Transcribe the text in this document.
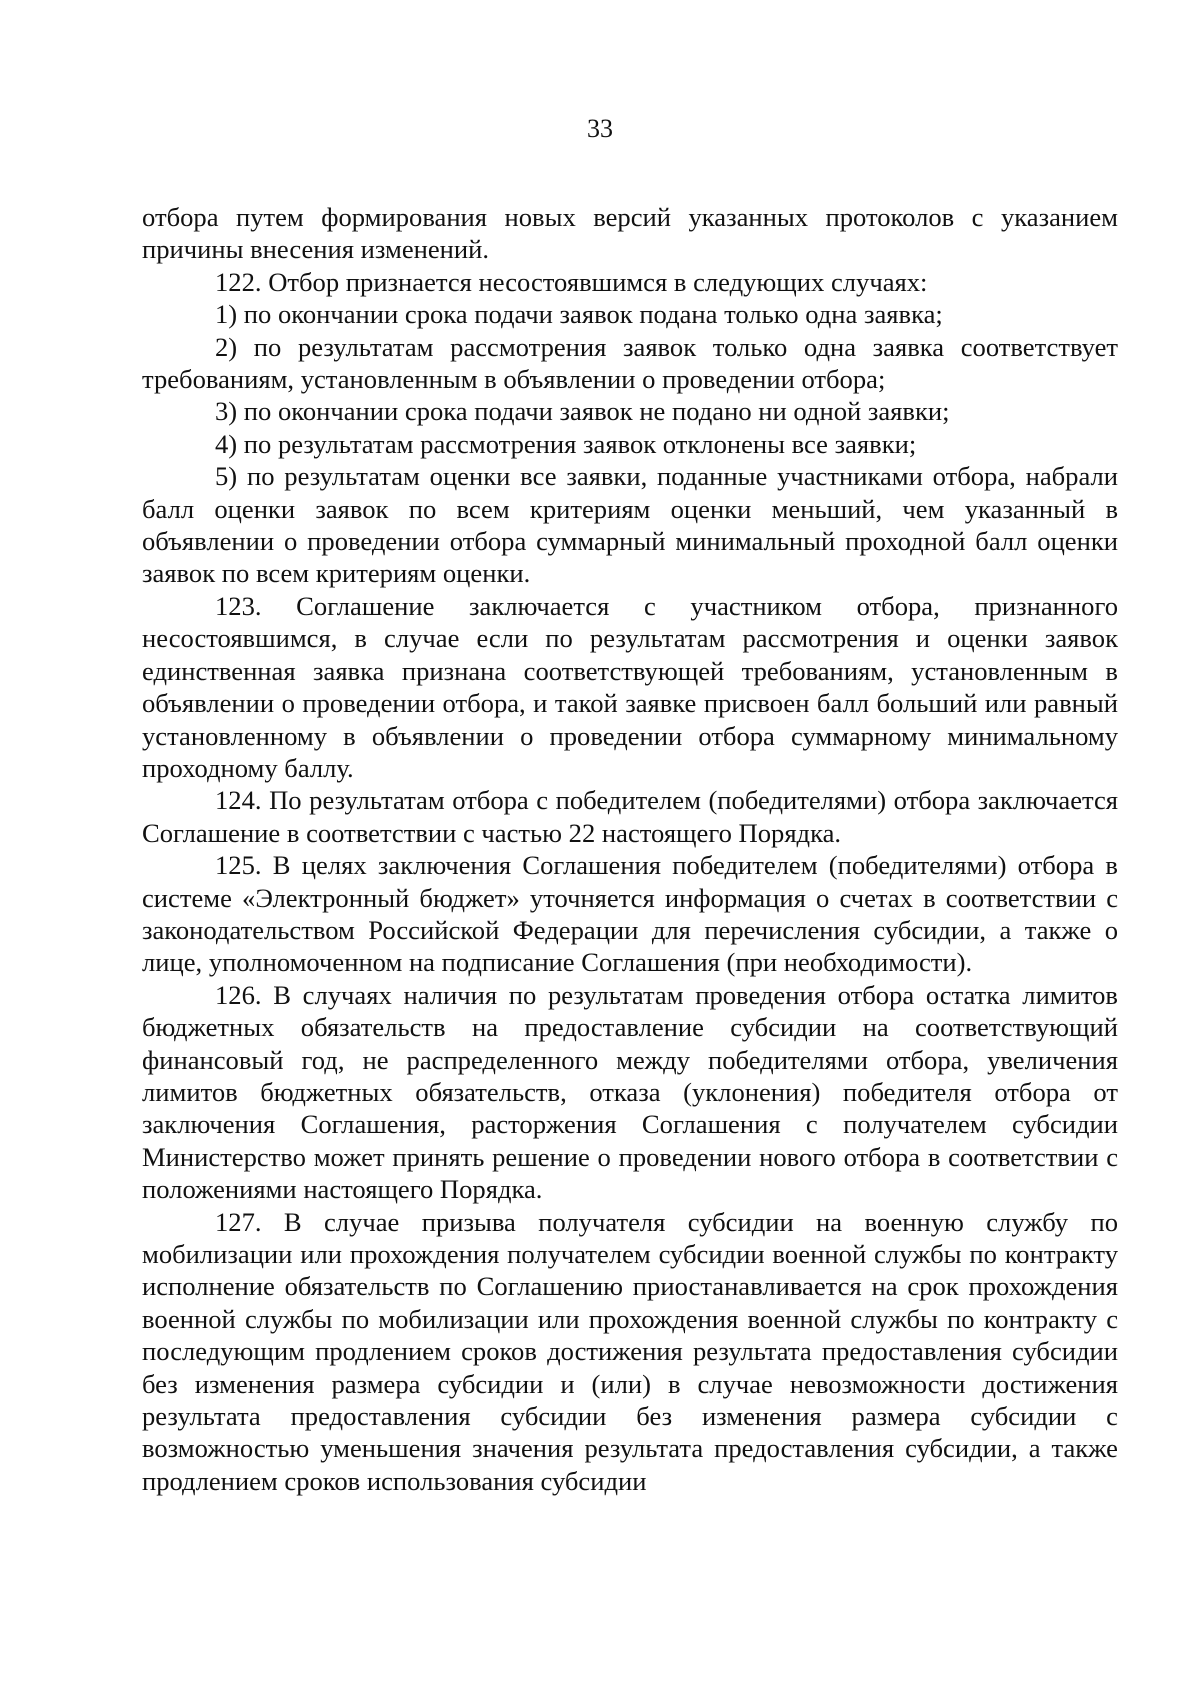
33

отбора путем формирования новых версий указанных протоколов с указанием причины внесения изменений.

122. Отбор признается несостоявшимся в следующих случаях:

1) по окончании срока подачи заявок подана только одна заявка;

2) по результатам рассмотрения заявок только одна заявка соответствует требованиям, установленным в объявлении о проведении отбора;

3) по окончании срока подачи заявок не подано ни одной заявки;

4) по результатам рассмотрения заявок отклонены все заявки;

5) по результатам оценки все заявки, поданные участниками отбора, набрали балл оценки заявок по всем критериям оценки меньший, чем указанный в объявлении о проведении отбора суммарный минимальный проходной балл оценки заявок по всем критериям оценки.

123. Соглашение заключается с участником отбора, признанного несостоявшимся, в случае если по результатам рассмотрения и оценки заявок единственная заявка признана соответствующей требованиям, установленным в объявлении о проведении отбора, и такой заявке присвоен балл больший или равный установленному в объявлении о проведении отбора суммарному минимальному проходному баллу.

124. По результатам отбора с победителем (победителями) отбора заключается Соглашение в соответствии с частью 22 настоящего Порядка.

125. В целях заключения Соглашения победителем (победителями) отбора в системе «Электронный бюджет» уточняется информация о счетах в соответствии с законодательством Российской Федерации для перечисления субсидии, а также о лице, уполномоченном на подписание Соглашения (при необходимости).

126. В случаях наличия по результатам проведения отбора остатка лимитов бюджетных обязательств на предоставление субсидии на соответствующий финансовый год, не распределенного между победителями отбора, увеличения лимитов бюджетных обязательств, отказа (уклонения) победителя отбора от заключения Соглашения, расторжения Соглашения с получателем субсидии Министерство может принять решение о проведении нового отбора в соответствии с положениями настоящего Порядка.

127. В случае призыва получателя субсидии на военную службу по мобилизации или прохождения получателем субсидии военной службы по контракту исполнение обязательств по Соглашению приостанавливается на срок прохождения военной службы по мобилизации или прохождения военной службы по контракту с последующим продлением сроков достижения результата предоставления субсидии без изменения размера субсидии и (или) в случае невозможности достижения результата предоставления субсидии без изменения размера субсидии с возможностью уменьшения значения результата предоставления субсидии, а также продлением сроков использования субсидии
